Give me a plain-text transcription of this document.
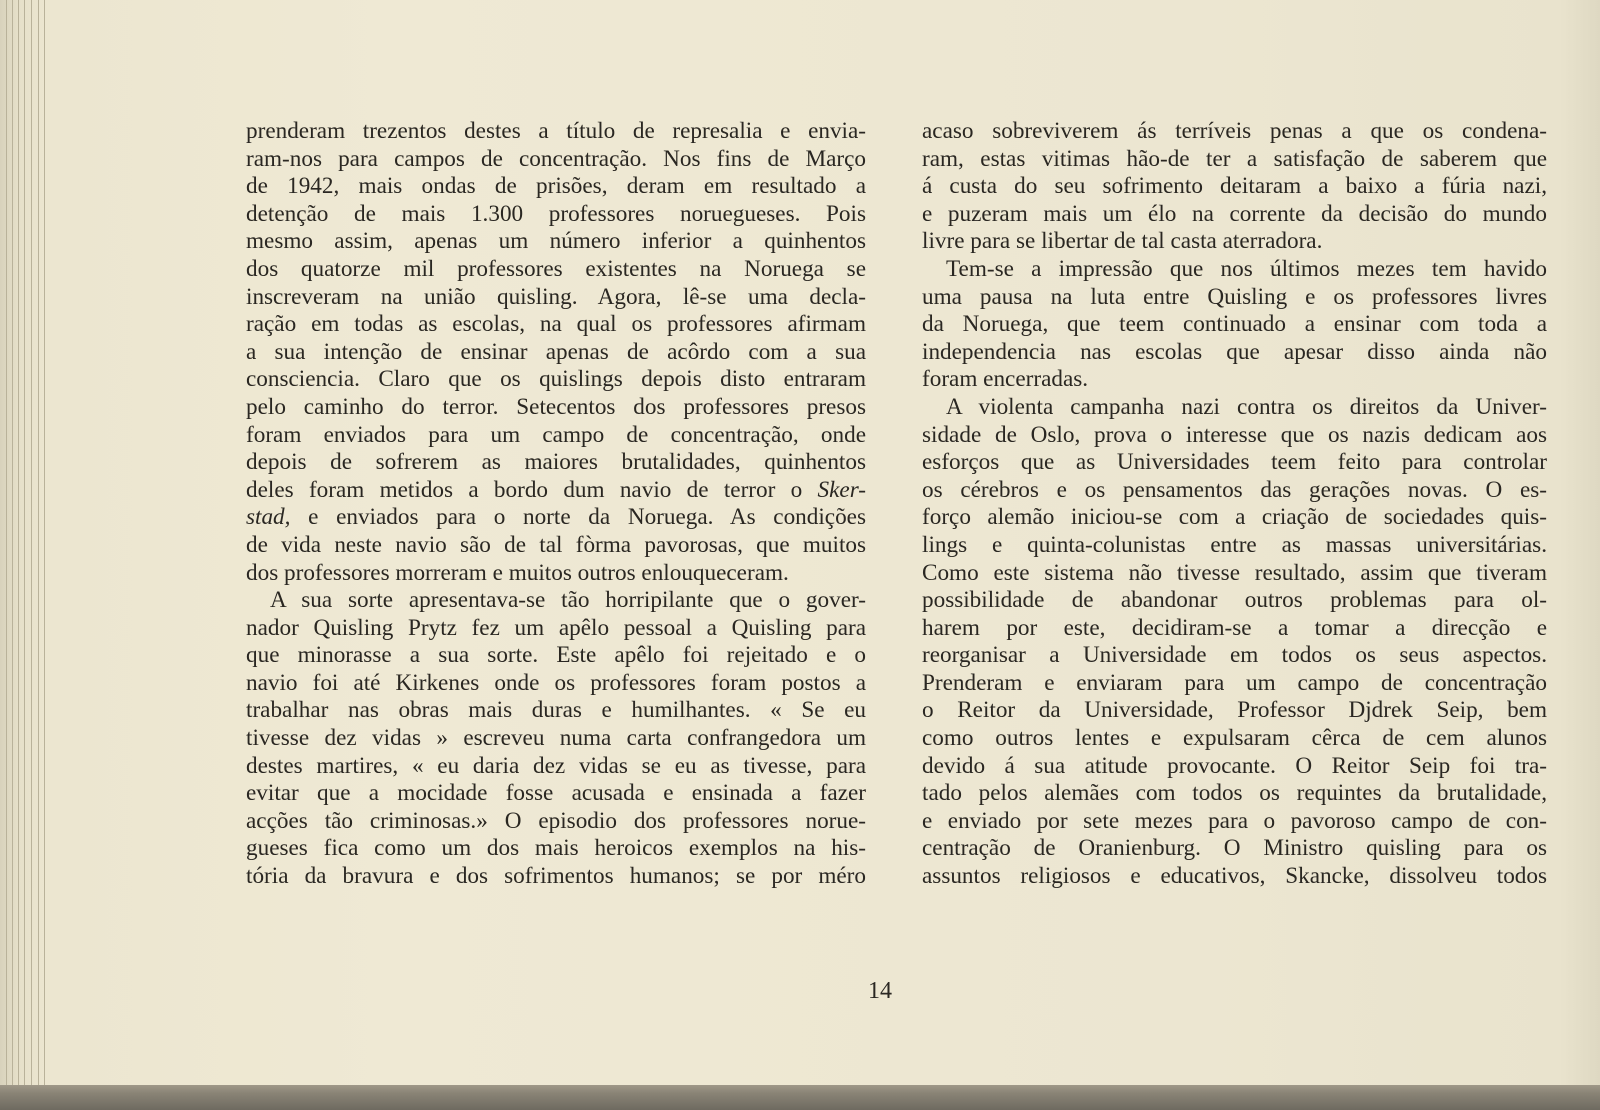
prenderam trezentos destes a título de represalia e envia-
ram-nos para campos de concentração. Nos fins de Março
de 1942, mais ondas de prisões, deram em resultado a
detenção de mais 1.300 professores noruegueses. Pois
mesmo assim, apenas um número inferior a quinhentos
dos quatorze mil professores existentes na Noruega se
inscreveram na união quisling. Agora, lê-se uma decla-
ração em todas as escolas, na qual os professores afirmam
a sua intenção de ensinar apenas de acôrdo com a sua
consciencia. Claro que os quislings depois disto entraram
pelo caminho do terror. Setecentos dos professores presos
foram enviados para um campo de concentração, onde
depois de sofrerem as maiores brutalidades, quinhentos
deles foram metidos a bordo dum navio de terror o Sker-
stad, e enviados para o norte da Noruega. As condições
de vida neste navio são de tal fòrma pavorosas, que muitos
dos professores morreram e muitos outros enlouqueceram.
A sua sorte apresentava-se tão horripilante que o gover-
nador Quisling Prytz fez um apêlo pessoal a Quisling para
que minorasse a sua sorte. Este apêlo foi rejeitado e o
navio foi até Kirkenes onde os professores foram postos a
trabalhar nas obras mais duras e humilhantes. « Se eu
tivesse dez vidas » escreveu numa carta confrangedora um
destes martires, « eu daria dez vidas se eu as tivesse, para
evitar que a mocidade fosse acusada e ensinada a fazer
acções tão criminosas.» O episodio dos professores norue-
gueses fica como um dos mais heroicos exemplos na his-
tória da bravura e dos sofrimentos humanos; se por méro
acaso sobreviverem ás terríveis penas a que os condena-
ram, estas vitimas hão-de ter a satisfação de saberem que
á custa do seu sofrimento deitaram a baixo a fúria nazi,
e puzeram mais um élo na corrente da decisão do mundo
livre para se libertar de tal casta aterradora.
Tem-se a impressão que nos últimos mezes tem havido
uma pausa na luta entre Quisling e os professores livres
da Noruega, que teem continuado a ensinar com toda a
independencia nas escolas que apesar disso ainda não
foram encerradas.
A violenta campanha nazi contra os direitos da Univer-
sidade de Oslo, prova o interesse que os nazis dedicam aos
esforços que as Universidades teem feito para controlar
os cérebros e os pensamentos das gerações novas. O es-
forço alemão iniciou-se com a criação de sociedades quis-
lings e quinta-colunistas entre as massas universitárias.
Como este sistema não tivesse resultado, assim que tiveram
possibilidade de abandonar outros problemas para ol-
harem por este, decidiram-se a tomar a direcção e
reorganisar a Universidade em todos os seus aspectos.
Prenderam e enviaram para um campo de concentração
o Reitor da Universidade, Professor Djdrek Seip, bem
como outros lentes e expulsaram cêrca de cem alunos
devido á sua atitude provocante. O Reitor Seip foi tra-
tado pelos alemães com todos os requintes da brutalidade,
e enviado por sete mezes para o pavoroso campo de con-
centração de Oranienburg. O Ministro quisling para os
assuntos religiosos e educativos, Skancke, dissolveu todos
14
